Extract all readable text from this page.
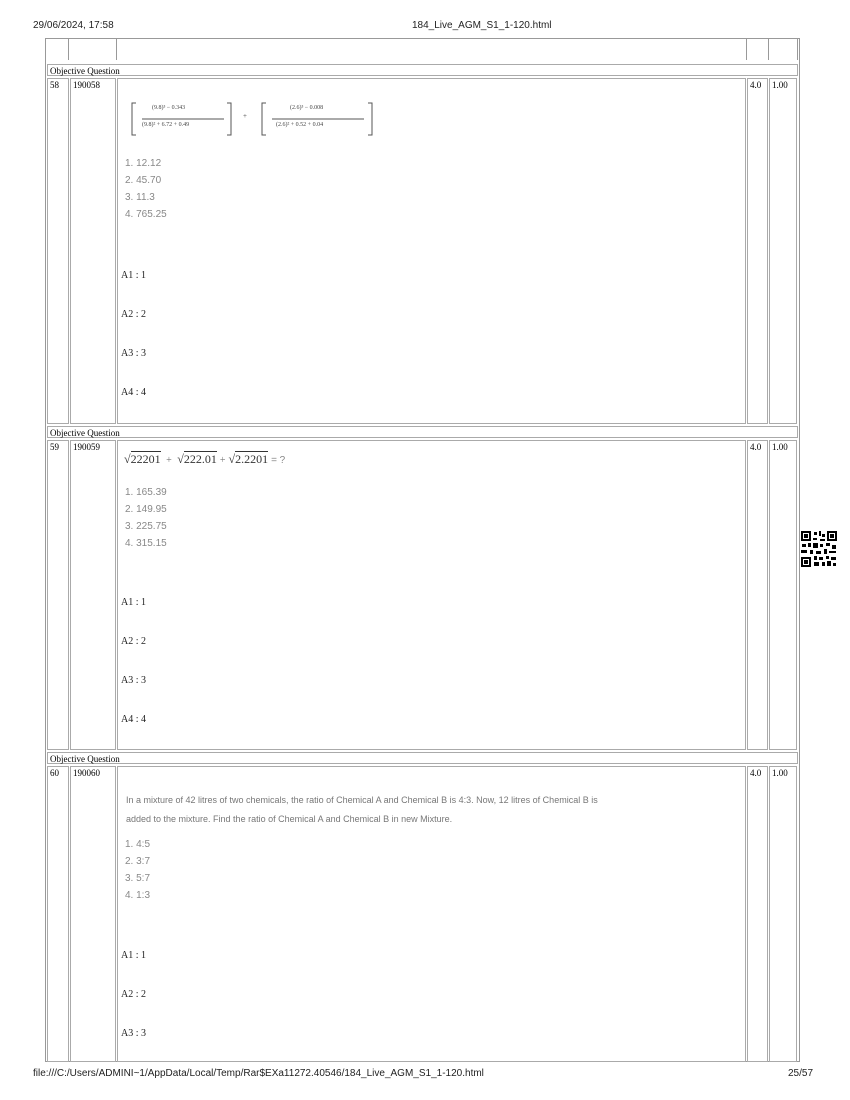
29/06/2024, 17:58	184_Live_AGM_S1_1-120.html
file:///C:/Users/ADMINI~1/AppData/Local/Temp/Rar$EXa11272.40546/184_Live_AGM_S1_1-120.html	25/57
Objective Question
58	190058	4.0	1.00
(9.8)³ − 0.343
(9.8)² + 6.72 + 0.49
+
(2.6)³ − 0.008
(2.6)² + 0.52 + 0.04
1. 12.12
2. 45.70
3. 11.3
4. 765.25
A1 : 1
A2 : 2
A3 : 3
A4 : 4
Objective Question
59	190059	4.0	1.00
√22201  +  √222.01 + √2.2201 = ?
1. 165.39
2. 149.95
3. 225.75
4. 315.15
A1 : 1
A2 : 2
A3 : 3
A4 : 4
Objective Question
60	190060	4.0	1.00
In a mixture of 42 litres of two chemicals, the ratio of Chemical A and Chemical B is 4:3. Now, 12 litres of Chemical B is
added to the mixture. Find the ratio of Chemical A and Chemical B in new Mixture.
1. 4:5
2. 3:7
3. 5:7
4. 1:3
A1 : 1
A2 : 2
A3 : 3
